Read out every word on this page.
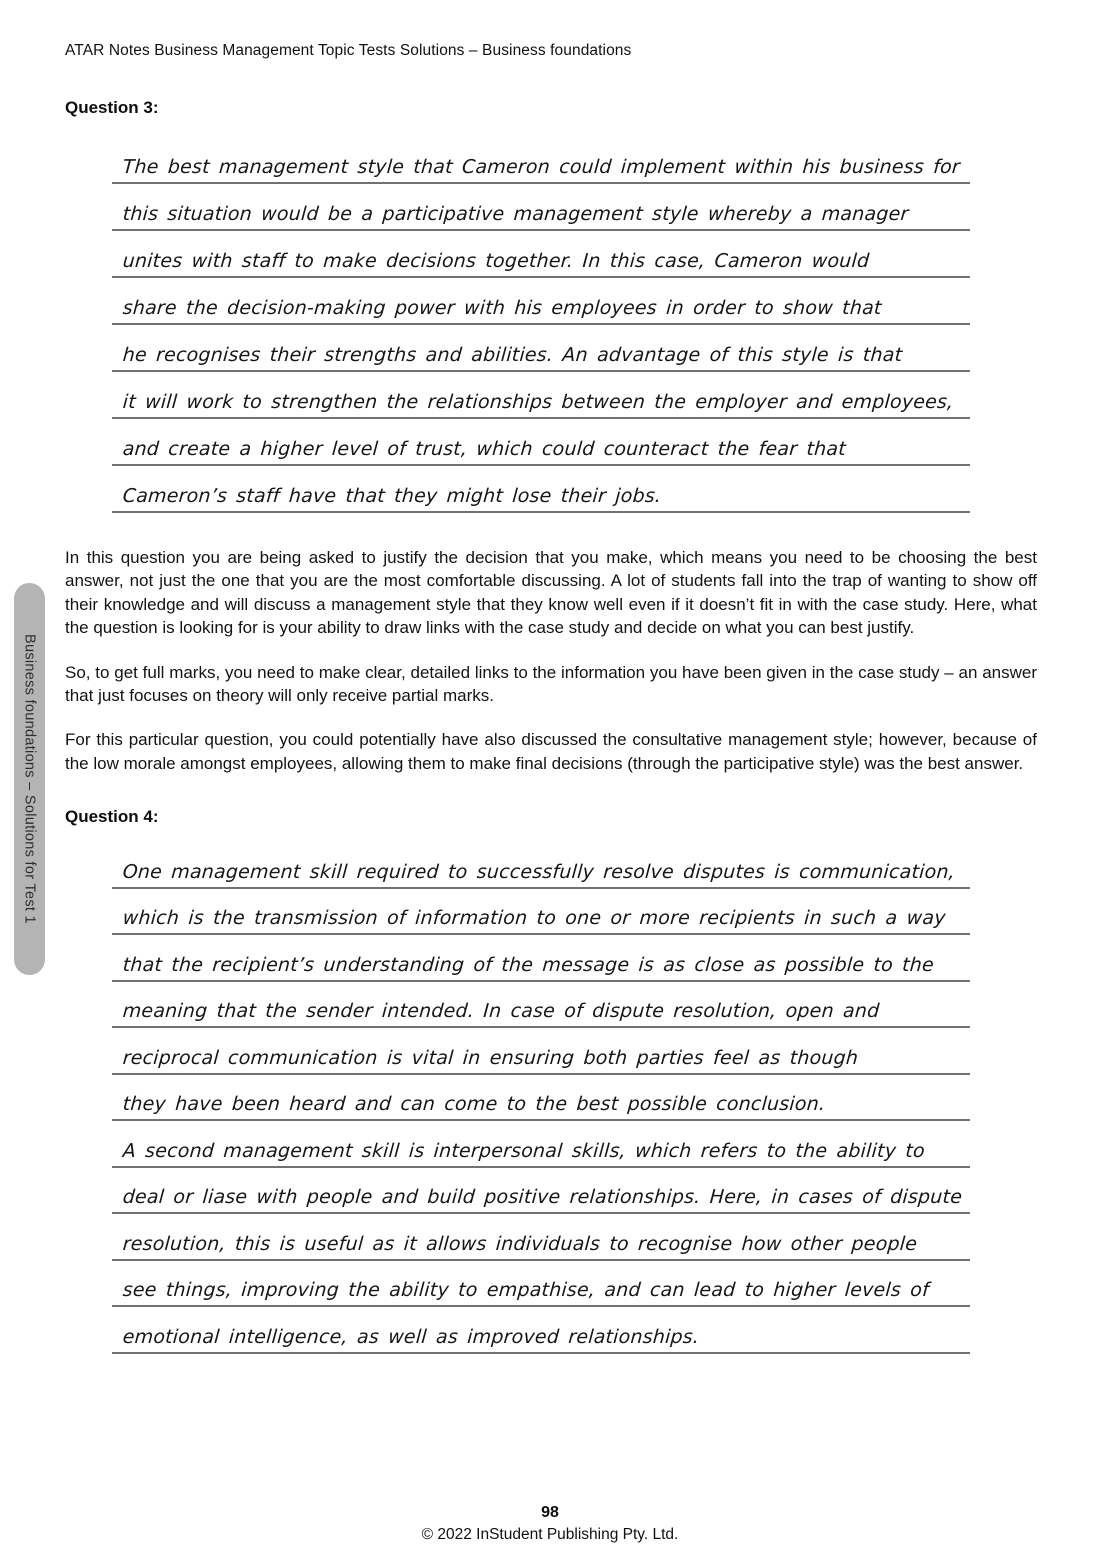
Business foundations – Solutions for Test 1
ATAR Notes Business Management Topic Tests Solutions – Business foundations
Question 3:
The best management style that Cameron could implement within his business for
this situation would be a participative management style whereby a manager
unites with staff to make decisions together. In this case, Cameron would
share the decision-making power with his employees in order to show that
he recognises their strengths and abilities. An advantage of this style is that
it will work to strengthen the relationships between the employer and employees,
and create a higher level of trust, which could counteract the fear that
Cameron’s staff have that they might lose their jobs.

In this question you are being asked to justify the decision that you make, which means you need to be choosing the best answer, not just the one that you are the most comfortable discussing. A lot of students fall into the trap of wanting to show off their knowledge and will discuss a management style that they know well even if it doesn’t fit in with the case study. Here, what the question is looking for is your ability to draw links with the case study and decide on what you can best justify.

So, to get full marks, you need to make clear, detailed links to the information you have been given in the case study – an answer that just focuses on theory will only receive partial marks.

For this particular question, you could potentially have also discussed the consultative management style; however, because of the low morale amongst employees, allowing them to make final decisions (through the participative style) was the best answer.

Question 4:
One management skill required to successfully resolve disputes is communication,
which is the transmission of information to one or more recipients in such a way
that the recipient’s understanding of the message is as close as possible to the
meaning that the sender intended. In case of dispute resolution, open and
reciprocal communication is vital in ensuring both parties feel as though
they have been heard and can come to the best possible conclusion.
A second management skill is interpersonal skills, which refers to the ability to
deal or liase with people and build positive relationships. Here, in cases of dispute
resolution, this is useful as it allows individuals to recognise how other people
see things, improving the ability to empathise, and can lead to higher levels of
emotional intelligence, as well as improved relationships.
98
© 2022 InStudent Publishing Pty. Ltd.
